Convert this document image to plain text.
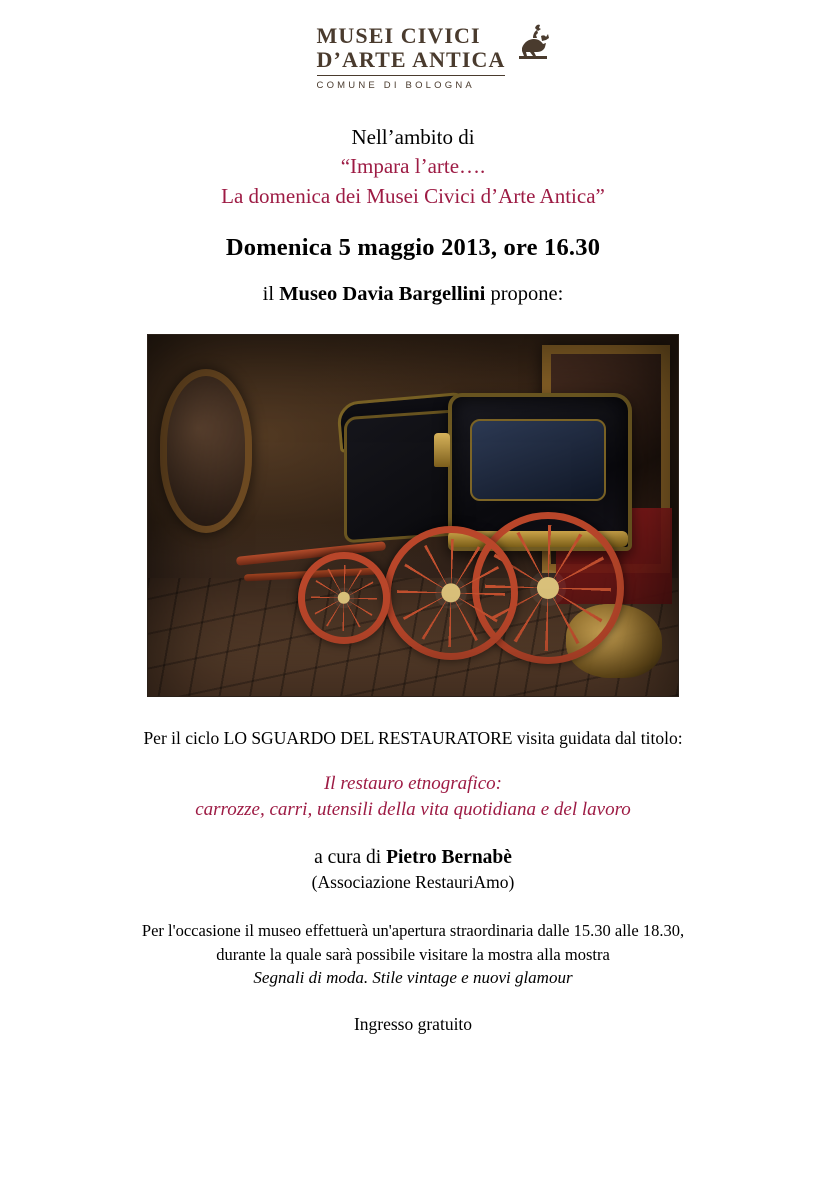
MUSEI CIVICI
D’ARTE ANTICA
COMUNE DI BOLOGNA
Nell’ambito di
“Impara l’arte….
La domenica dei Musei Civici d’Arte Antica”
Domenica 5 maggio 2013, ore 16.30
il Museo Davia Bargellini propone:
Per il ciclo LO SGUARDO DEL RESTAURATORE visita guidata dal titolo:
Il restauro etnografico:
carrozze, carri, utensili della vita quotidiana e del lavoro
a cura di Pietro Bernabè
(Associazione RestauriAmo)
Per l'occasione il museo effettuerà un'apertura straordinaria dalle 15.30 alle 18.30,
durante la quale sarà possibile visitare la mostra alla mostra
Segnali di moda. Stile vintage e nuovi glamour
Ingresso gratuito
